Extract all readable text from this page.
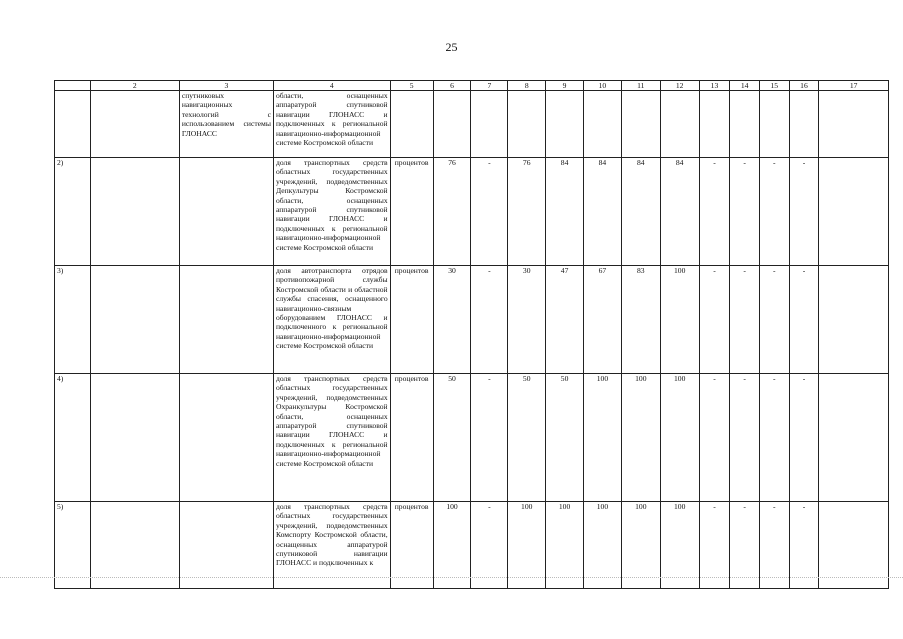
25
	2	3	4	5	6	7	8	9	10	11	12	13	14	15	16	17
		спутниковых навигационных технологий с использованием системы ГЛОНАСС	области, оснащенных аппаратурой спутниковой навигации ГЛОНАСС и подключенных к региональной навигационно-информационной системе Костромской области													
2)			доля транспортных средств областных государственных учреждений, подведомственных Депкультуры Костромской области, оснащенных аппаратурой спутниковой навигации ГЛОНАСС и подключенных к региональной навигационно-информационной системе Костромской области	процентов	76	-	76	84	84	84	84	-	-	-	-	
3)			доля автотранспорта отрядов противопожарной службы Костромской области и областной службы спасения, оснащенного навигационно-связным оборудованием ГЛОНАСС и подключенного к региональной навигационно-информационной системе Костромской области	процентов	30	-	30	47	67	83	100	-	-	-	-	
4)			доля транспортных средств областных государственных учреждений, подведомственных Охранкультуры Костромской области, оснащенных аппаратурой спутниковой навигации ГЛОНАСС и подключенных к региональной навигационно-информационной системе Костромской области	процентов	50	-	50	50	100	100	100	-	-	-	-	
5)			доля транспортных средств областных государственных учреждений, подведомственных Комспорту Костромской области, оснащенных аппаратурой спутниковой навигации ГЛОНАСС и подключенных к	процентов	100	-	100	100	100	100	100	-	-	-	-	
